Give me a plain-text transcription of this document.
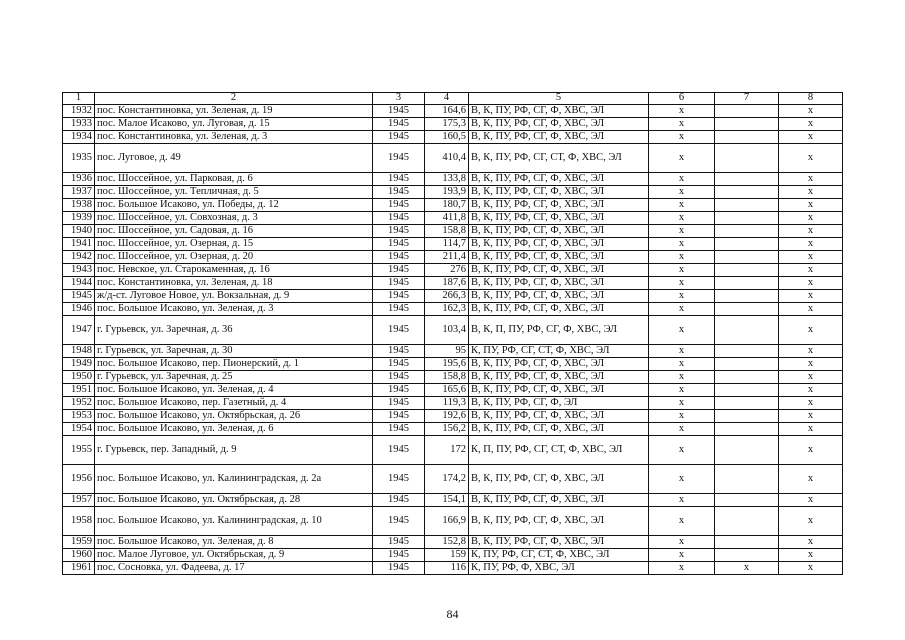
1	2	3	4	5	6	7	8
1932	пос. Константиновка, ул. Зеленая, д. 19	1945	164,6	В, К, ПУ, РФ, СГ, Ф, ХВС, ЭЛ	х		х
1933	пос. Малое Исаково, ул. Луговая, д. 15	1945	175,3	В, К, ПУ, РФ, СГ, Ф, ХВС, ЭЛ	х		х
1934	пос. Константиновка, ул. Зеленая, д. 3	1945	160,5	В, К, ПУ, РФ, СГ, Ф, ХВС, ЭЛ	х		х
1935	пос. Луговое, д. 49	1945	410,4	В, К, ПУ, РФ, СГ, СТ, Ф, ХВС, ЭЛ	х		х
1936	пос. Шоссейное, ул. Парковая, д. 6	1945	133,8	В, К, ПУ, РФ, СГ, Ф, ХВС, ЭЛ	х		х
1937	пос. Шоссейное, ул. Тепличная, д. 5	1945	193,9	В, К, ПУ, РФ, СГ, Ф, ХВС, ЭЛ	х		х
1938	пос. Большое Исаково, ул. Победы, д. 12	1945	180,7	В, К, ПУ, РФ, СГ, Ф, ХВС, ЭЛ	х		х
1939	пос. Шоссейное, ул. Совхозная, д. 3	1945	411,8	В, К, ПУ, РФ, СГ, Ф, ХВС, ЭЛ	х		х
1940	пос. Шоссейное, ул. Садовая, д. 16	1945	158,8	В, К, ПУ, РФ, СГ, Ф, ХВС, ЭЛ	х		х
1941	пос. Шоссейное, ул. Озерная, д. 15	1945	114,7	В, К, ПУ, РФ, СГ, Ф, ХВС, ЭЛ	х		х
1942	пос. Шоссейное, ул. Озерная, д. 20	1945	211,4	В, К, ПУ, РФ, СГ, Ф, ХВС, ЭЛ	х		х
1943	пос. Невское, ул. Старокаменная, д. 16	1945	276	В, К, ПУ, РФ, СГ, Ф, ХВС, ЭЛ	х		х
1944	пос. Константиновка, ул. Зеленая, д. 18	1945	187,6	В, К, ПУ, РФ, СГ, Ф, ХВС, ЭЛ	х		х
1945	ж/д-ст. Луговое Новое, ул. Вокзальная, д. 9	1945	266,3	В, К, ПУ, РФ, СГ, Ф, ХВС, ЭЛ	х		х
1946	пос. Большое Исаково, ул. Зеленая, д. 3	1945	162,3	В, К, ПУ, РФ, СГ, Ф, ХВС, ЭЛ	х		х
1947	г. Гурьевск, ул. Заречная, д. 36	1945	103,4	В, К, П, ПУ, РФ, СГ, Ф, ХВС, ЭЛ	х		х
1948	г. Гурьевск, ул. Заречная, д. 30	1945	95	К, ПУ, РФ, СГ, СТ, Ф, ХВС, ЭЛ	х		х
1949	пос. Большое Исаково, пер. Пионерский, д. 1	1945	195,6	В, К, ПУ, РФ, СГ, Ф, ХВС, ЭЛ	х		х
1950	г. Гурьевск, ул. Заречная, д. 25	1945	158,8	В, К, ПУ, РФ, СГ, Ф, ХВС, ЭЛ	х		х
1951	пос. Большое Исаково, ул. Зеленая, д. 4	1945	165,6	В, К, ПУ, РФ, СГ, Ф, ХВС, ЭЛ	х		х
1952	пос. Большое Исаково, пер. Газетный, д. 4	1945	119,3	В, К, ПУ, РФ, СГ, Ф, ЭЛ	х		х
1953	пос. Большое Исаково, ул. Октябрьская, д. 26	1945	192,6	В, К, ПУ, РФ, СГ, Ф, ХВС, ЭЛ	х		х
1954	пос. Большое Исаково, ул. Зеленая, д. 6	1945	156,2	В, К, ПУ, РФ, СГ, Ф, ХВС, ЭЛ	х		х
1955	г. Гурьевск, пер. Западный, д. 9	1945	172	К, П, ПУ, РФ, СГ, СТ, Ф, ХВС, ЭЛ	х		х
1956	пос. Большое Исаково, ул. Калининградская, д. 2а	1945	174,2	В, К, ПУ, РФ, СГ, Ф, ХВС, ЭЛ	х		х
1957	пос. Большое Исаково, ул. Октябрьская, д. 28	1945	154,1	В, К, ПУ, РФ, СГ, Ф, ХВС, ЭЛ	х		х
1958	пос. Большое Исаково, ул. Калининградская, д. 10	1945	166,9	В, К, ПУ, РФ, СГ, Ф, ХВС, ЭЛ	х		х
1959	пос. Большое Исаково, ул. Зеленая, д. 8	1945	152,8	В, К, ПУ, РФ, СГ, Ф, ХВС, ЭЛ	х		х
1960	пос. Малое Луговое, ул. Октябрьская, д. 9	1945	159	К, ПУ, РФ, СГ, СТ, Ф, ХВС, ЭЛ	х		х
1961	пос. Сосновка, ул. Фадеева, д. 17	1945	116	К, ПУ, РФ, Ф, ХВС, ЭЛ	х	х	х
84
